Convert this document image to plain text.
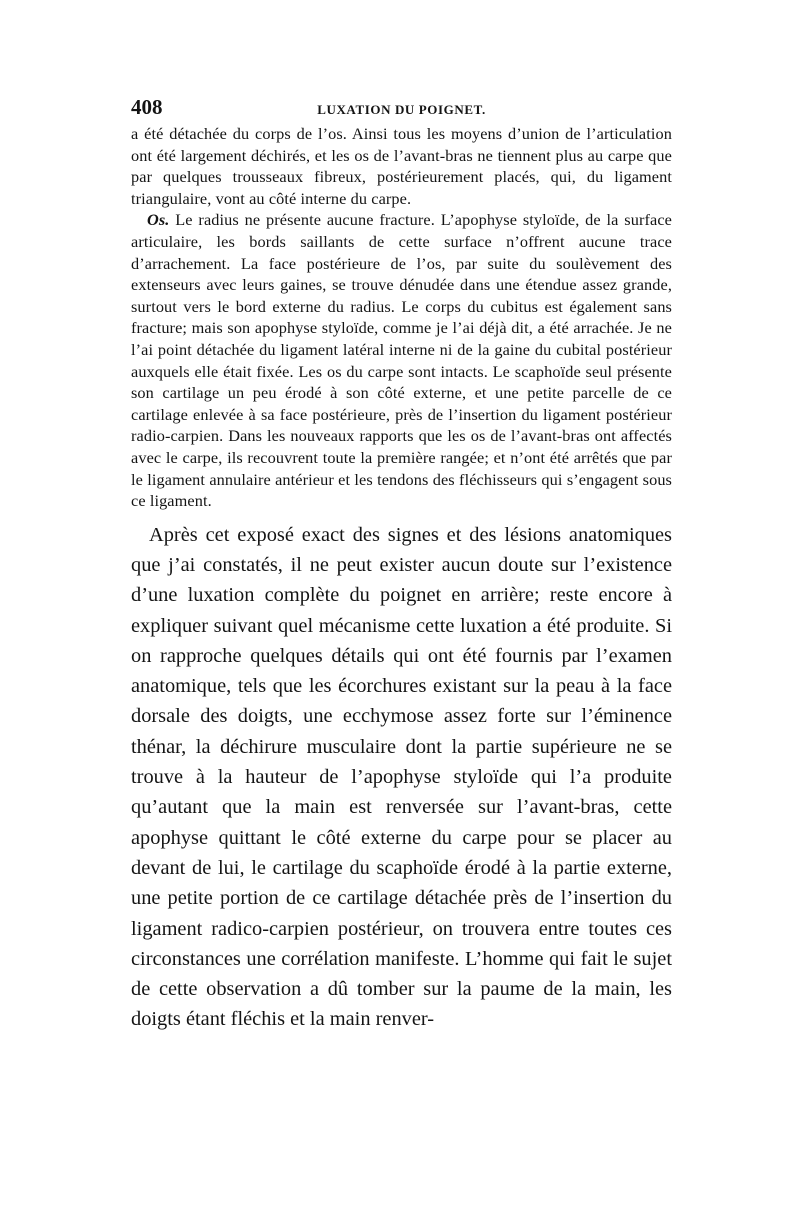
408	LUXATION DU POIGNET.

a été détachée du corps de l’os. Ainsi tous les moyens d’union de l’articulation ont été largement déchirés, et les os de l’avant-bras ne tiennent plus au carpe que par quelques trousseaux fibreux, postérieurement placés, qui, du ligament triangulaire, vont au côté interne du carpe.

Os. Le radius ne présente aucune fracture. L’apophyse styloïde, de la surface articulaire, les bords saillants de cette surface n’offrent aucune trace d’arrachement. La face postérieure de l’os, par suite du soulèvement des extenseurs avec leurs gaines, se trouve dénudée dans une étendue assez grande, surtout vers le bord externe du radius. Le corps du cubitus est également sans fracture; mais son apophyse styloïde, comme je l’ai déjà dit, a été arrachée. Je ne l’ai point détachée du ligament latéral interne ni de la gaine du cubital postérieur auxquels elle était fixée. Les os du carpe sont intacts. Le scaphoïde seul présente son cartilage un peu érodé à son côté externe, et une petite parcelle de ce cartilage enlevée à sa face postérieure, près de l’insertion du ligament postérieur radio-carpien. Dans les nouveaux rapports que les os de l’avant-bras ont affectés avec le carpe, ils recouvrent toute la première rangée; et n’ont été arrêtés que par le ligament annulaire antérieur et les tendons des fléchisseurs qui s’engagent sous ce ligament.

Après cet exposé exact des signes et des lésions anatomiques que j’ai constatés, il ne peut exister aucun doute sur l’existence d’une luxation complète du poignet en arrière; reste encore à expliquer suivant quel mécanisme cette luxation a été produite. Si on rapproche quelques détails qui ont été fournis par l’examen anatomique, tels que les écorchures existant sur la peau à la face dorsale des doigts, une ecchymose assez forte sur l’éminence thénar, la déchirure musculaire dont la partie supérieure ne se trouve à la hauteur de l’apophyse styloïde qui l’a produite qu’autant que la main est renversée sur l’avant-bras, cette apophyse quittant le côté externe du carpe pour se placer au devant de lui, le cartilage du scaphoïde érodé à la partie externe, une petite portion de ce cartilage détachée près de l’insertion du ligament radico-carpien postérieur, on trouvera entre toutes ces circonstances une corrélation manifeste. L’homme qui fait le sujet de cette observation a dû tomber sur la paume de la main, les doigts étant fléchis et la main renver-
